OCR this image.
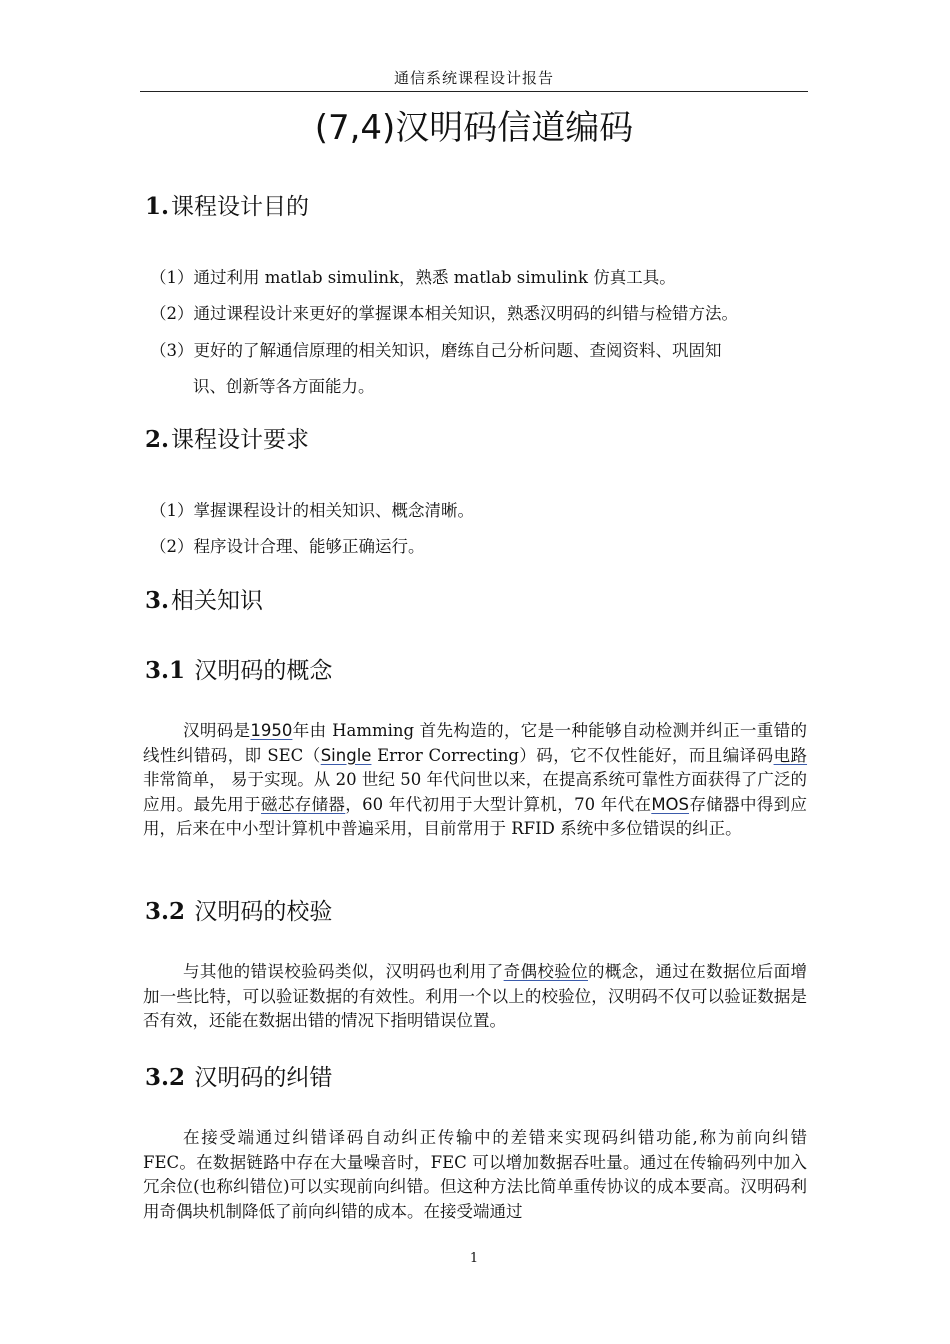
通信系统课程设计报告
(7,4)汉明码信道编码
1.课程设计目的
（1）通过利用 matlab simulink，熟悉 matlab simulink 仿真工具。
（2）通过课程设计来更好的掌握课本相关知识，熟悉汉明码的纠错与检错方法。
（3）更好的了解通信原理的相关知识，磨练自己分析问题、查阅资料、巩固知
识、创新等各方面能力。
2.课程设计要求
（1）掌握课程设计的相关知识、概念清晰。
（2）程序设计合理、能够正确运行。
3.相关知识
3.1 汉明码的概念

汉明码是1950年由 Hamming 首先构造的，它是一种能够自动检测并纠正一重错的线性纠错码，即 SEC（Single Error Correcting）码，它不仅性能好，而且编译码电路非常简单， 易于实现。从 20 世纪 50 年代问世以来，在提高系统可靠性方面获得了广泛的应用。最先用于磁芯存储器，60 年代初用于大型计算机，70 年代在MOS存储器中得到应用，后来在中小型计算机中普遍采用，目前常用于 RFID 系统中多位错误的纠正。

3.2 汉明码的校验

与其他的错误校验码类似，汉明码也利用了奇偶校验位的概念，通过在数据位后面增加一些比特，可以验证数据的有效性。利用一个以上的校验位，汉明码不仅可以验证数据是否有效，还能在数据出错的情况下指明错误位置。

3.2 汉明码的纠错

在接受端通过纠错译码自动纠正传输中的差错来实现码纠错功能,称为前向纠错 FEC。在数据链路中存在大量噪音时，FEC 可以增加数据吞吐量。通过在传输码列中加入冗余位(也称纠错位)可以实现前向纠错。但这种方法比简单重传协议的成本要高。汉明码利用奇偶块机制降低了前向纠错的成本。在接受端通过

1
